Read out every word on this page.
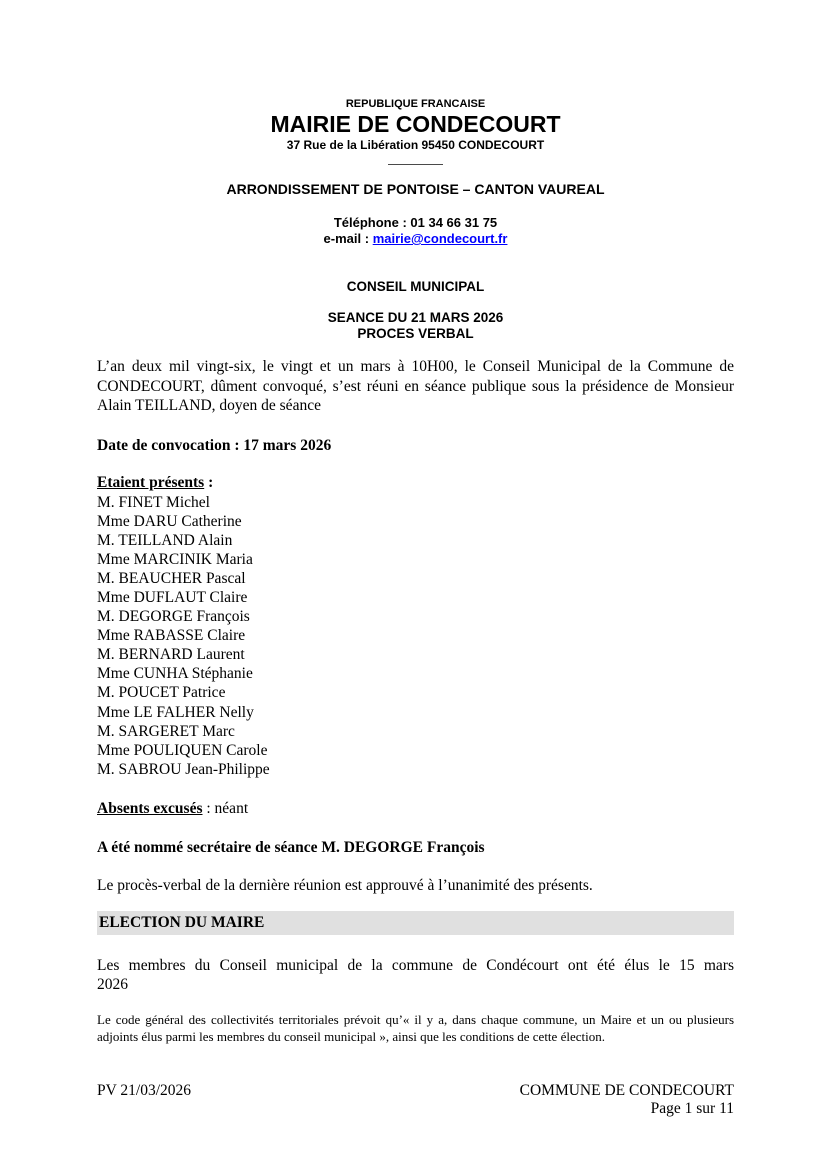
REPUBLIQUE FRANCAISE
MAIRIE DE CONDECOURT
37 Rue de la Libération 95450 CONDECOURT
ARRONDISSEMENT DE PONTOISE – CANTON VAUREAL
Téléphone : 01 34 66 31 75
e-mail : mairie@condecourt.fr
CONSEIL MUNICIPAL
SEANCE DU 21 MARS 2026
PROCES VERBAL
L’an deux mil vingt-six, le vingt et un mars à 10H00, le Conseil Municipal de la Commune de CONDECOURT, dûment convoqué, s’est réuni en séance publique sous la présidence de Monsieur Alain TEILLAND, doyen de séance
Date de convocation : 17 mars 2026
Etaient présents :
M. FINET Michel
Mme DARU Catherine
M. TEILLAND Alain
Mme MARCINIK Maria
M. BEAUCHER Pascal
Mme DUFLAUT Claire
M. DEGORGE François
Mme RABASSE Claire
M. BERNARD Laurent
Mme CUNHA Stéphanie
M. POUCET Patrice
Mme LE FALHER Nelly
M. SARGERET Marc
Mme POULIQUEN Carole
M. SABROU Jean-Philippe
Absents excusés : néant
A été nommé secrétaire de séance M. DEGORGE François
Le procès-verbal de la dernière réunion est approuvé à l’unanimité des présents.
ELECTION DU MAIRE
Les membres du Conseil municipal de la commune de Condécourt ont été élus le 15 mars
2026
Le code général des collectivités territoriales prévoit qu’« il y a, dans chaque commune, un Maire et un ou plusieurs adjoints élus parmi les membres du conseil municipal », ainsi que les conditions de cette élection.
PV 21/03/2026	COMMUNE DE CONDECOURT
Page 1 sur 11
